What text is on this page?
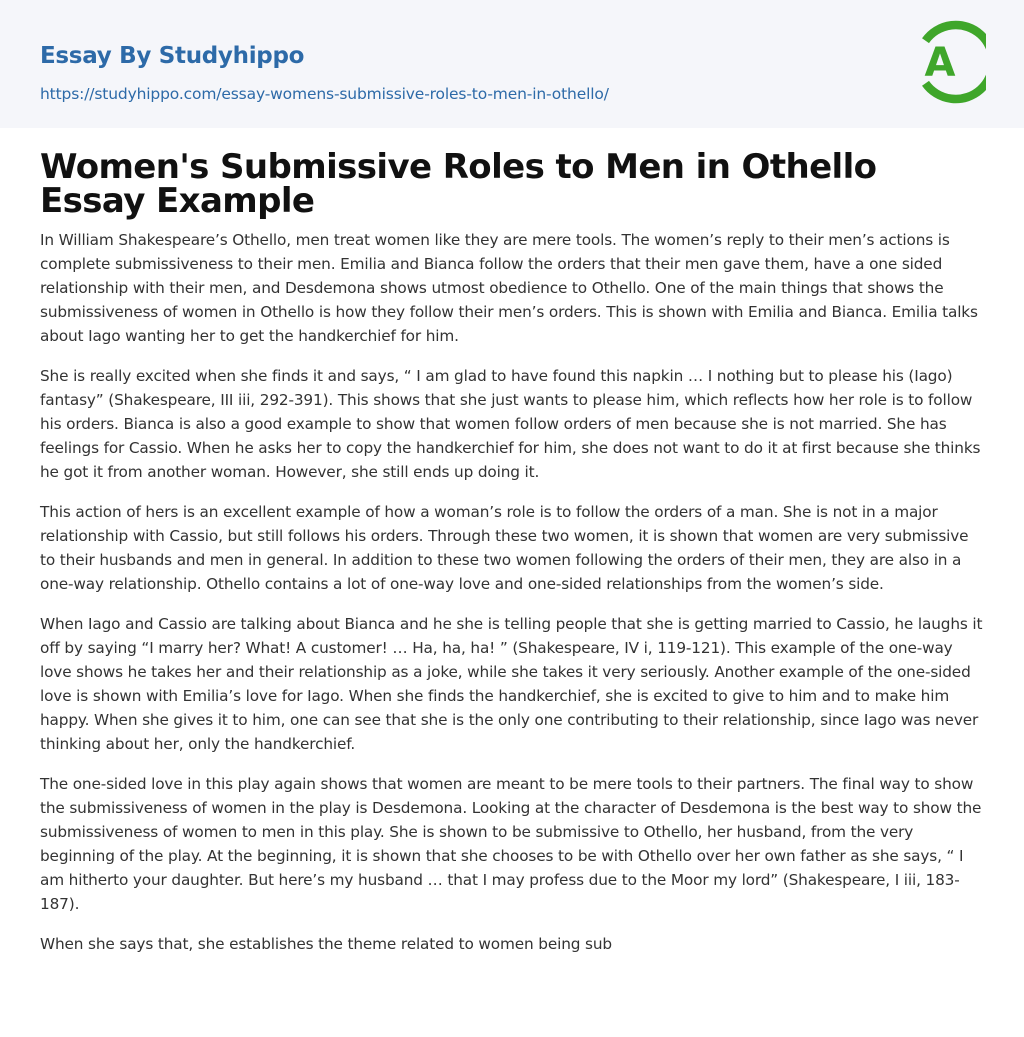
Essay By Studyhippo
https://studyhippo.com/essay-womens-submissive-roles-to-men-in-othello/
A
Women's Submissive Roles to Men in Othello Essay Example

In William Shakespeare’s Othello, men treat women like they are mere tools. The women’s reply to their men’s actions is complete submissiveness to their men. Emilia and Bianca follow the orders that their men gave them, have a one sided relationship with their men, and Desdemona shows utmost obedience to Othello. One of the main things that shows the submissiveness of women in Othello is how they follow their men’s orders. This is shown with Emilia and Bianca. Emilia talks about Iago wanting her to get the handkerchief for him.

She is really excited when she finds it and says, “ I am glad to have found this napkin … I nothing but to please his (Iago) fantasy” (Shakespeare, III iii, 292-391). This shows that she just wants to please him, which reflects how her role is to follow his orders. Bianca is also a good example to show that women follow orders of men because she is not married. She has feelings for Cassio. When he asks her to copy the handkerchief for him, she does not want to do it at first because she thinks he got it from another woman. However, she still ends up doing it.

This action of hers is an excellent example of how a woman’s role is to follow the orders of a man. She is not in a major relationship with Cassio, but still follows his orders. Through these two women, it is shown that women are very submissive to their husbands and men in general. In addition to these two women following the orders of their men, they are also in a one-way relationship. Othello contains a lot of one-way love and one-sided relationships from the women’s side.

When Iago and Cassio are talking about Bianca and he she is telling people that she is getting married to Cassio, he laughs it off by saying “I marry her? What! A customer! … Ha, ha, ha! ” (Shakespeare, IV i, 119-121). This example of the one-way love shows he takes her and their relationship as a joke, while she takes it very seriously. Another example of the one-sided love is shown with Emilia’s love for Iago. When she finds the handkerchief, she is excited to give to him and to make him happy. When she gives it to him, one can see that she is the only one contributing to their relationship, since Iago was never thinking about her, only the handkerchief.

The one-sided love in this play again shows that women are meant to be mere tools to their partners. The final way to show the submissiveness of women in the play is Desdemona. Looking at the character of Desdemona is the best way to show the submissiveness of women to men in this play. She is shown to be submissive to Othello, her husband, from the very beginning of the play. At the beginning, it is shown that she chooses to be with Othello over her own father as she says, “ I am hitherto your daughter. But here’s my husband … that I may profess due to the Moor my lord” (Shakespeare, I iii, 183-187).

When she says that, she establishes the theme related to women being sub
